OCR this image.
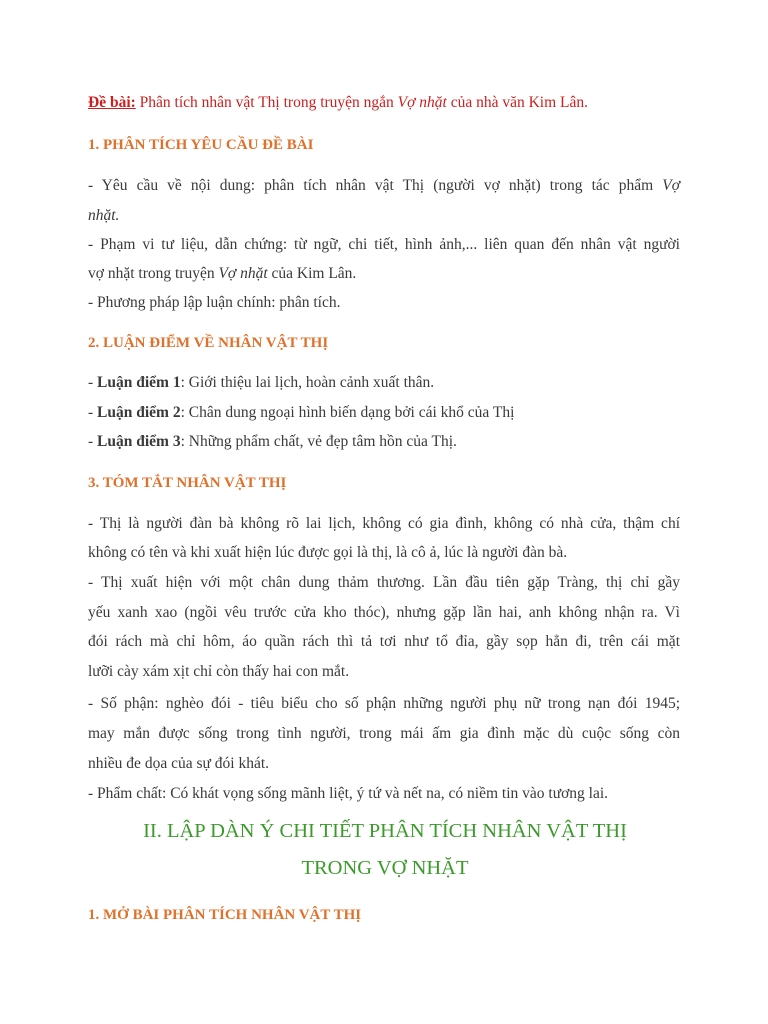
Đề bài: Phân tích nhân vật Thị trong truyện ngắn Vợ nhặt của nhà văn Kim Lân.
1. PHÂN TÍCH YÊU CẦU ĐỀ BÀI
- Yêu cầu về nội dung: phân tích nhân vật Thị (người vợ nhặt) trong tác phẩm Vợ
nhặt.
- Phạm vi tư liệu, dẫn chứng: từ ngữ, chi tiết, hình ảnh,... liên quan đến nhân vật người
vợ nhặt trong truyện Vợ nhặt của Kim Lân.
- Phương pháp lập luận chính: phân tích.
2. LUẬN ĐIỂM VỀ NHÂN VẬT THỊ
- Luận điểm 1: Giới thiệu lai lịch, hoàn cảnh xuất thân.
- Luận điểm 2: Chân dung ngoại hình biến dạng bởi cái khổ của Thị
- Luận điểm 3: Những phẩm chất, vẻ đẹp tâm hồn của Thị.
3. TÓM TẮT NHÂN VẬT THỊ
- Thị là người đàn bà không rõ lai lịch, không có gia đình, không có nhà cửa, thậm chí
không có tên và khi xuất hiện lúc được gọi là thị, là cô ả, lúc là người đàn bà.
- Thị xuất hiện với một chân dung thảm thương. Lần đầu tiên gặp Tràng, thị chỉ gầy
yếu xanh xao (ngồi vêu trước cửa kho thóc), nhưng gặp lần hai, anh không nhận ra. Vì
đói rách mà chỉ hôm, áo quần rách thì tả tơi như tổ đỉa, gầy sọp hẳn đi, trên cái mặt
lưỡi cày xám xịt chỉ còn thấy hai con mắt.
- Số phận: nghèo đói - tiêu biểu cho số phận những người phụ nữ trong nạn đói 1945;
may mắn được sống trong tình người, trong mái ấm gia đình mặc dù cuộc sống còn
nhiều đe dọa của sự đói khát.
- Phẩm chất: Có khát vọng sống mãnh liệt, ý tứ và nết na, có niềm tin vào tương lai.
II. LẬP DÀN Ý CHI TIẾT PHÂN TÍCH NHÂN VẬT THỊ
TRONG VỢ NHẶT
1. MỞ BÀI PHÂN TÍCH NHÂN VẬT THỊ
